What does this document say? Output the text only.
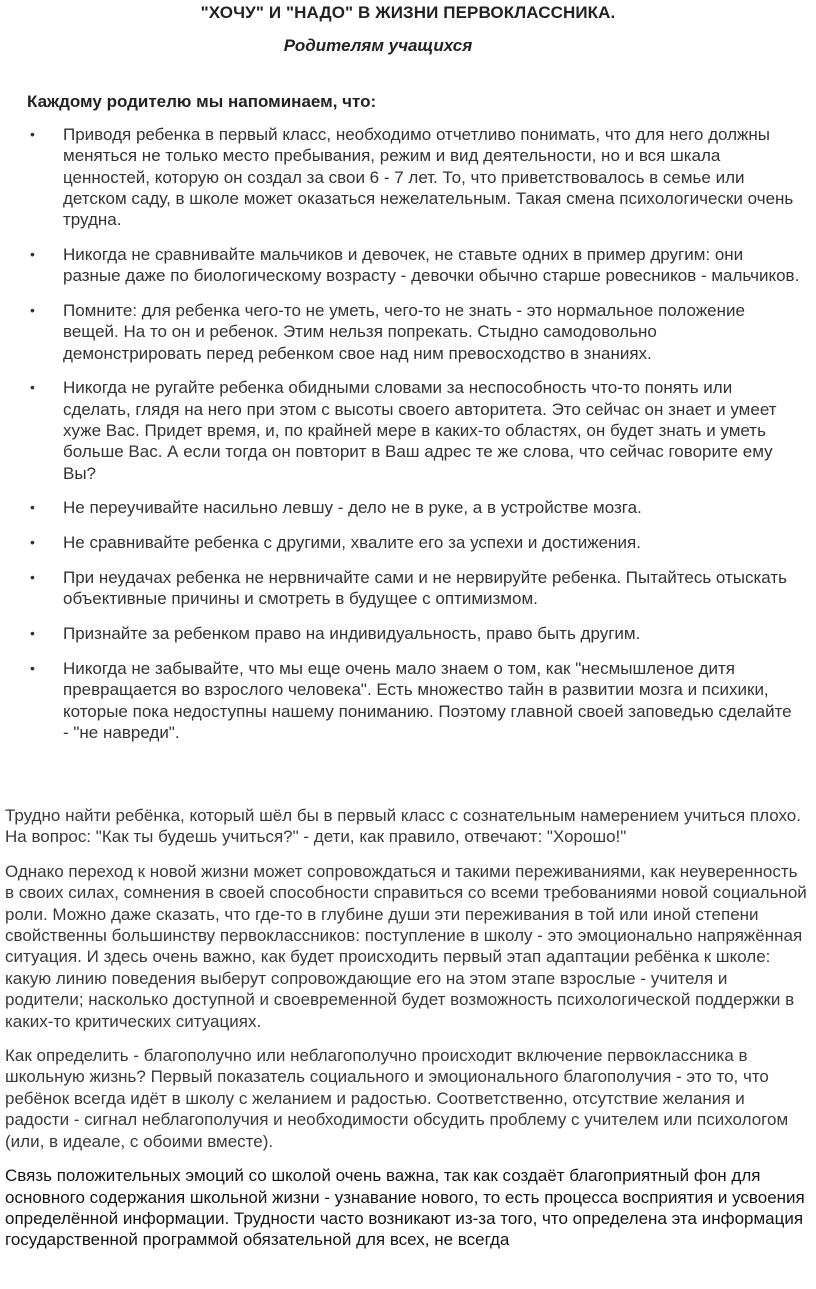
"ХОЧУ" И "НАДО" В ЖИЗНИ ПЕРВОКЛАССНИКА.
Родителям учащихся
Каждому родителю мы напоминаем, что:
• Приводя ребенка в первый класс, необходимо отчетливо понимать, что для него должны меняться не только место пребывания, режим и вид деятельности, но и вся шкала ценностей, которую он создал за свои 6 - 7 лет. То, что приветствовалось в семье или детском саду, в школе может оказаться нежелательным. Такая смена психологически очень трудна.
• Никогда не сравнивайте мальчиков и девочек, не ставьте одних в пример другим: они разные даже по биологическому возрасту - девочки обычно старше ровесников - мальчиков.
• Помните: для ребенка чего-то не уметь, чего-то не знать - это нормальное положение вещей. На то он и ребенок. Этим нельзя попрекать. Стыдно самодовольно демонстрировать перед ребенком свое над ним превосходство в знаниях.
• Никогда не ругайте ребенка обидными словами за неспособность что-то понять или сделать, глядя на него при этом с высоты своего авторитета. Это сейчас он знает и умеет хуже Вас. Придет время, и, по крайней мере в каких-то областях, он будет знать и уметь больше Вас. А если тогда он повторит в Ваш адрес те же слова, что сейчас говорите ему Вы?
• Не переучивайте насильно левшу - дело не в руке, а в устройстве мозга.
• Не сравнивайте ребенка с другими, хвалите его за успехи и достижения.
• При неудачах ребенка не нервничайте сами и не нервируйте ребенка. Пытайтесь отыскать объективные причины и смотреть в будущее с оптимизмом.
• Признайте за ребенком право на индивидуальность, право быть другим.
• Никогда не забывайте, что мы еще очень мало знаем о том, как "несмышленое дитя превращается во взрослого человека". Есть множество тайн в развитии мозга и психики, которые пока недоступны нашему пониманию. Поэтому главной своей заповедью сделайте - "не навреди".

Трудно найти ребёнка, который шёл бы в первый класс с сознательным намерением учиться плохо. На вопрос: "Как ты будешь учиться?" - дети, как правило, отвечают: "Хорошо!"

Однако переход к новой жизни может сопровождаться и такими переживаниями, как неуверенность в своих силах, сомнения в своей способности справиться со всеми требованиями новой социальной роли. Можно даже сказать, что где-то в глубине души эти переживания в той или иной степени свойственны большинству первоклассников: поступление в школу - это эмоционально напряжённая ситуация. И здесь очень важно, как будет происходить первый этап адаптации ребёнка к школе: какую линию поведения выберут сопровождающие его на этом этапе взрослые - учителя и родители; насколько доступной и своевременной будет возможность психологической поддержки в каких-то критических ситуациях.

Как определить - благополучно или неблагополучно происходит включение первоклассника в школьную жизнь? Первый показатель социального и эмоционального благополучия - это то, что ребёнок всегда идёт в школу с желанием и радостью. Соответственно, отсутствие желания и радости - сигнал неблагополучия и необходимости обсудить проблему с учителем или психологом (или, в идеале, с обоими вместе).

Связь положительных эмоций со школой очень важна, так как создаёт благоприятный фон для основного содержания школьной жизни - узнавание нового, то есть процесса восприятия и усвоения определённой информации. Трудности часто возникают из-за того, что определена эта информация государственной программой обязательной для всех, не всегда
